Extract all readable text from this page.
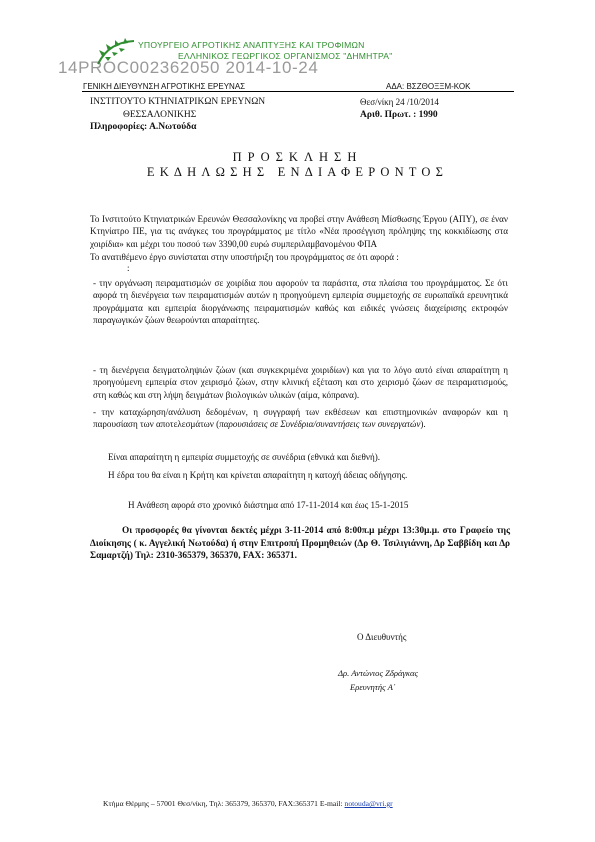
ΥΠΟΥΡΓΕΙΟ ΑΓΡΟΤΙΚΗΣ ΑΝΑΠΤΥΞΗΣ ΚΑΙ ΤΡΟΦΙΜΩΝ
ΕΛΛΗΝΙΚΟΣ ΓΕΩΡΓΙΚΟΣ ΟΡΓΑΝΙΣΜΟΣ "ΔΗΜΗΤΡΑ"
14PROC002362050 2014-10-24
ΓΕΝΙΚΗ ΔΙΕΥΘΥΝΣΗ ΑΓΡΟΤΙΚΗΣ ΕΡΕΥΝΑΣ	ΑΔΑ: ΒΣΖΘΟΞΞΜ-ΚΟΚ
ΙΝΣΤΙΤΟΥΤΟ ΚΤΗΝΙΑΤΡΙΚΩΝ ΕΡΕΥΝΩΝ
ΘΕΣΣΑΛΟΝΙΚΗΣ
Πληροφορίες: Α.Νωτούδα
Θεσ/νίκη 24 /10/2014
Αριθ. Πρωτ. : 1990
ΠΡΟΣΚΛΗΣΗ
ΕΚΔΗΛΩΣΗΣ ΕΝΔΙΑΦΕΡΟΝΤΟΣ
Το Ινστιτούτο Κτηνιατρικών Ερευνών Θεσσαλονίκης να προβεί στην Ανάθεση Μίσθωσης Έργου (ΑΠΥ), σε έναν Κτηνίατρο ΠΕ, για τις ανάγκες του προγράμματος με τίτλο «Νέα προσέγγιση πρόληψης της κοκκιδίωσης στα χοιρίδια» και μέχρι του ποσού των 3390,00 ευρώ συμπεριλαμβανομένου ΦΠΑ
Το ανατιθέμενο έργο συνίσταται στην υποστήριξη του προγράμματος σε ότι αφορά :
:
- την οργάνωση πειραματισμών σε χοιρίδια που αφορούν τα παράσιτα, στα πλαίσια του προγράμματος. Σε ότι αφορά τη διενέργεια των πειραματισμών αυτών η προηγούμενη εμπειρία συμμετοχής σε ευρωπαϊκά ερευνητικά προγράμματα και εμπειρία διοργάνωσης πειραματισμών καθώς και ειδικές γνώσεις διαχείρισης εκτροφών παραγωγικών ζώων θεωρούνται απαραίτητες.
- τη διενέργεια δειγματοληψιών ζώων (και συγκεκριμένα χοιριδίων) και για το λόγο αυτό είναι απαραίτητη η προηγούμενη εμπειρία στον χειρισμό ζώων, στην κλινική εξέταση και στο χειρισμό ζώων σε πειραματισμούς, στη καθώς και στη λήψη δειγμάτων βιολογικών υλικών (αίμα, κόπρανα).
- την καταχώρηση/ανάλυση δεδομένων, η συγγραφή των εκθέσεων και επιστημονικών αναφορών και η παρουσίαση των αποτελεσμάτων (παρουσιάσεις σε Συνέδρια/συναντήσεις των συνεργατών).
Είναι απαραίτητη η εμπειρία συμμετοχής σε συνέδρια (εθνικά και διεθνή).
Η έδρα του θα είναι η Κρήτη και κρίνεται απαραίτητη η κατοχή άδειας οδήγησης.
Η Ανάθεση αφορά στο χρονικό διάστημα από 17-11-2014 και έως 15-1-2015
Οι προσφορές θα γίνονται δεκτές μέχρι 3-11-2014 από 8:00π.μ μέχρι 13:30μ.μ. στο Γραφείο της Διοίκησης ( κ. Αγγελική Νωτούδα) ή στην Επιτροπή Προμηθειών (Δρ Θ. Τσιλιγιάννη, Δρ Σαββίδη και Δρ Σαμαρτζή) Τηλ: 2310-365379, 365370, FAX: 365371.
Ο Διευθυντής
Δρ. Αντώνιος Ζδράγκας
Ερευνητής Α΄
Κτήμα Θέρμης – 57001 Θεσ/νίκη, Τηλ: 365379, 365370, FAX:365371 E-mail: notouda@vri.gr
